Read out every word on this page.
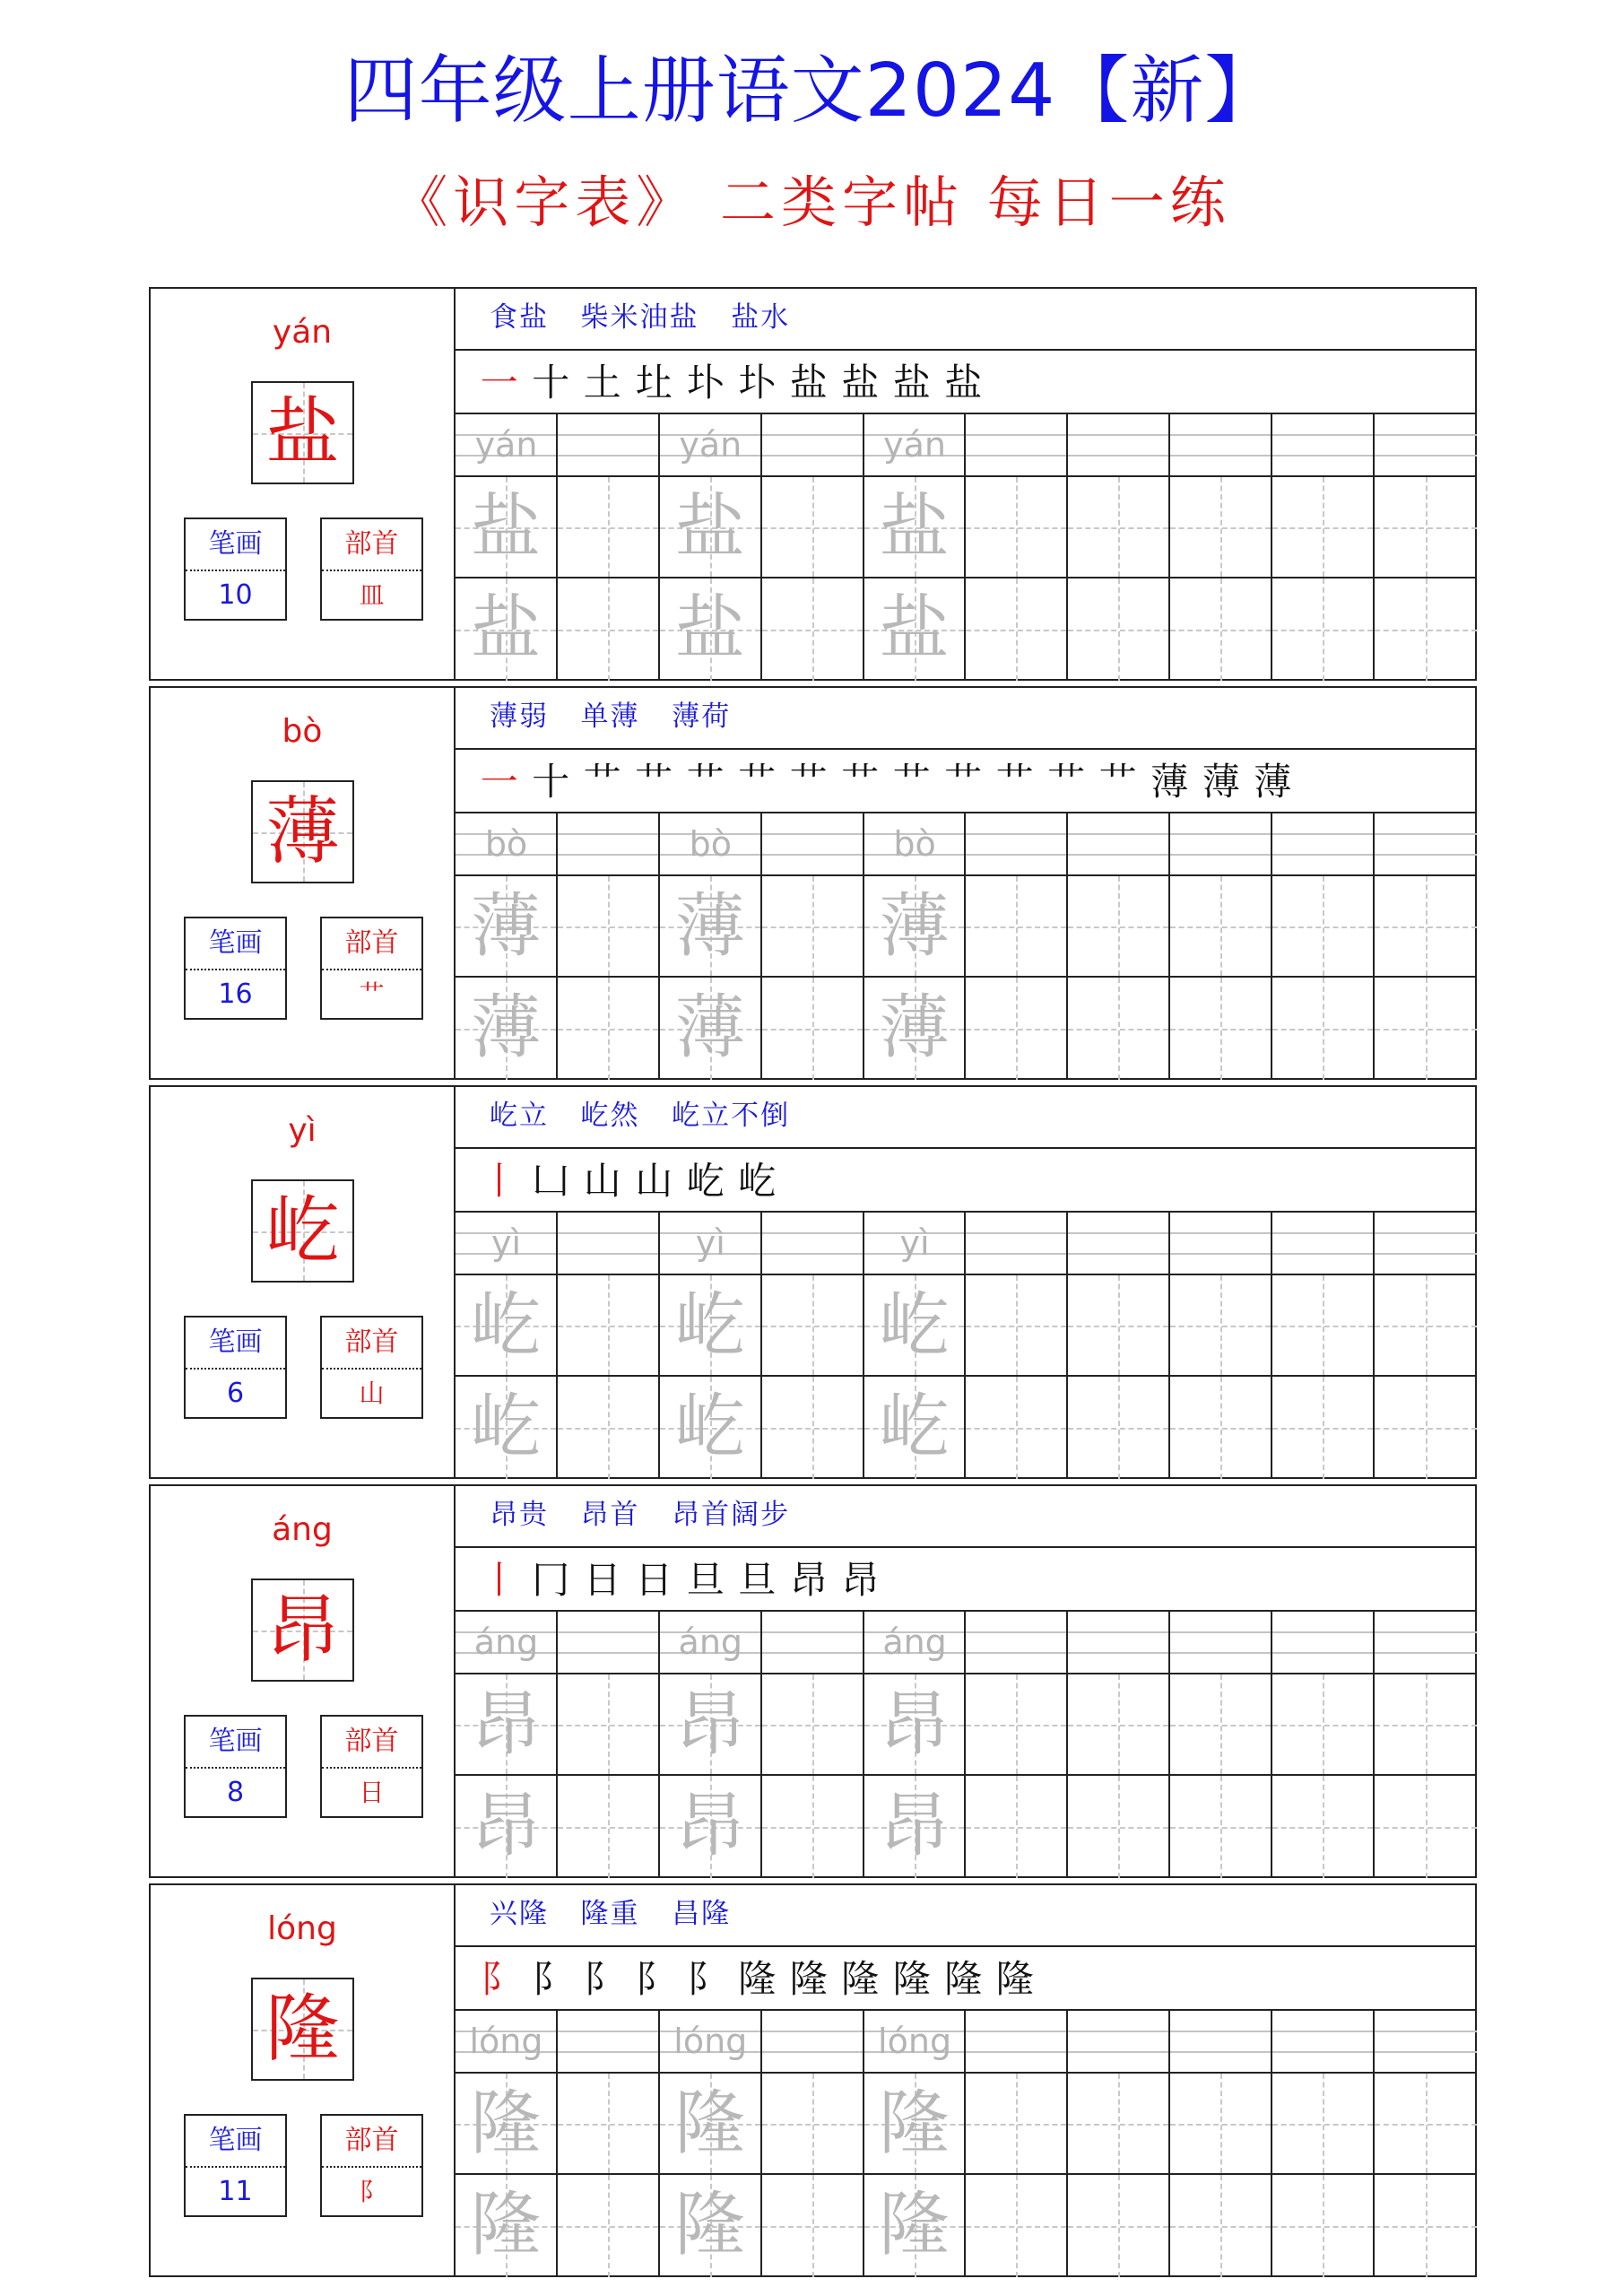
四年级上册语文2024【新】
《识字表》 二类字帖 每日一练
yán
盐
笔画
10
部首
皿
食盐   柴米油盐   盐水
一 十 土 圵 圤 圤 盐 盐 盐 盐
yán	yán	yán
盐 盐 盐
盐 盐 盐
bò
薄
笔画
16
部首
艹
薄弱   单薄   薄荷
一 十 艹 艹 艹 艹 艹 艹 艹 艹 艹 艹 艹 薄 薄 薄
bò	bò	bò
薄 薄 薄
薄 薄 薄
yì
屹
笔画
6
部首
山
屹立   屹然   屹立不倒
丨 凵 山 山 屹 屹
yì	yì	yì
屹 屹 屹
屹 屹 屹
áng
昂
笔画
8
部首
日
昂贵   昂首   昂首阔步
丨 冂 日 日 旦 旦 昂 昂
áng	áng	áng
昂 昂 昂
昂 昂 昂
lóng
隆
笔画
11
部首
阝
兴隆   隆重   昌隆
阝 阝 阝 阝 阝 隆 隆 隆 隆 隆 隆
lóng	lóng	lóng
隆 隆 隆
隆 隆 隆
